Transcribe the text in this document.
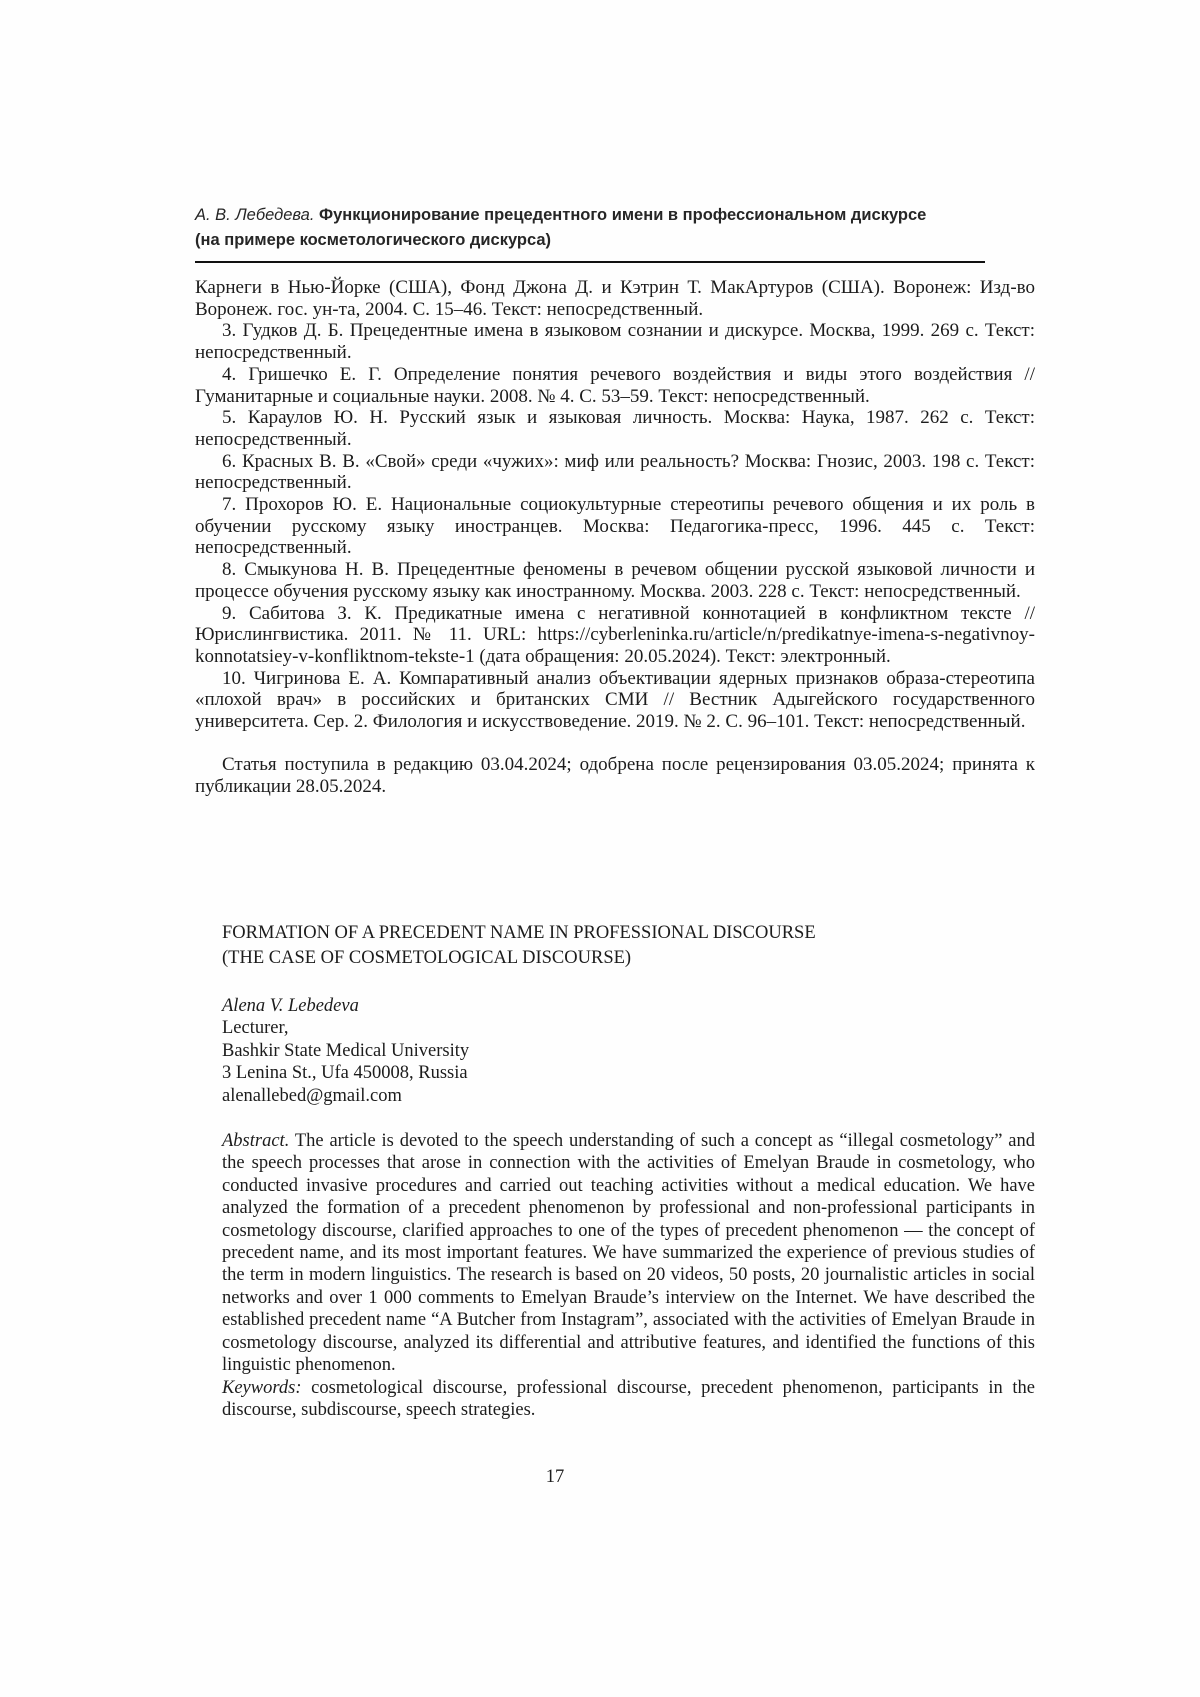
А. В. Лебедева. Функционирование прецедентного имени в профессиональном дискурсе
(на примере косметологического дискурса)

Карнеги в Нью-Йорке (США), Фонд Джона Д. и Кэтрин Т. МакАртуров (США). Воронеж: Изд-во Воронеж. гос. ун-та, 2004. С. 15–46. Текст: непосредственный.

3. Гудков Д. Б. Прецедентные имена в языковом сознании и дискурсе. Москва, 1999. 269 с. Текст: непосредственный.

4. Гришечко Е. Г. Определение понятия речевого воздействия и виды этого воздействия // Гуманитарные и социальные науки. 2008. № 4. С. 53–59. Текст: непосредственный.

5. Караулов Ю. Н. Русский язык и языковая личность. Москва: Наука, 1987. 262 с. Текст: непосредственный.

6. Красных В. В. «Свой» среди «чужих»: миф или реальность? Москва: Гнозис, 2003. 198 с. Текст: непосредственный.

7. Прохоров Ю. Е. Национальные социокультурные стереотипы речевого общения и их роль в обучении русскому языку иностранцев. Москва: Педагогика-пресс, 1996. 445 с. Текст: непосредственный.

8. Смыкунова Н. В. Прецедентные феномены в речевом общении русской языковой личности и процессе обучения русскому языку как иностранному. Москва. 2003. 228 с. Текст: непосредственный.

9. Сабитова З. К. Предикатные имена с негативной коннотацией в конфликтном тексте // Юрислингвистика. 2011. № 11. URL: https://cyberleninka.ru/article/n/predikatnye-imena-s-negativnoy-konnotatsiey-v-konfliktnom-tekste-1 (дата обращения: 20.05.2024). Текст: электронный.

10. Чигринова Е. А. Компаративный анализ объективации ядерных признаков образа-стереотипа «плохой врач» в российских и британских СМИ // Вестник Адыгейского государственного университета. Сер. 2. Филология и искусствоведение. 2019. № 2. С. 96–101. Текст: непосредственный.

Статья поступила в редакцию 03.04.2024; одобрена после рецензирования 03.05.2024; принята к публикации 28.05.2024.

FORMATION OF A PRECEDENT NAME IN PROFESSIONAL DISCOURSE
(THE CASE OF COSMETOLOGICAL DISCOURSE)
Alena V. Lebedeva
Lecturer,
Bashkir State Medical University
3 Lenina St., Ufa 450008, Russia
alenallebed@gmail.com

Abstract. The article is devoted to the speech understanding of such a concept as “illegal cosmetology” and the speech processes that arose in connection with the activities of Emelyan Braude in cosmetology, who conducted invasive procedures and carried out teaching activities without a medical education. We have analyzed the formation of a precedent phenomenon by professional and non-professional participants in cosmetology discourse, clarified approaches to one of the types of precedent phenomenon — the concept of precedent name, and its most important features. We have summarized the experience of previous studies of the term in modern linguistics. The research is based on 20 videos, 50 posts, 20 journalistic articles in social networks and over 1 000 comments to Emelyan Braude’s interview on the Internet. We have described the established precedent name “A Butcher from Instagram”, associated with the activities of Emelyan Braude in cosmetology discourse, analyzed its differential and attributive features, and identified the functions of this linguistic phenomenon.

Keywords: cosmetological discourse, professional discourse, precedent phenomenon, participants in the discourse, subdiscourse, speech strategies.

17
